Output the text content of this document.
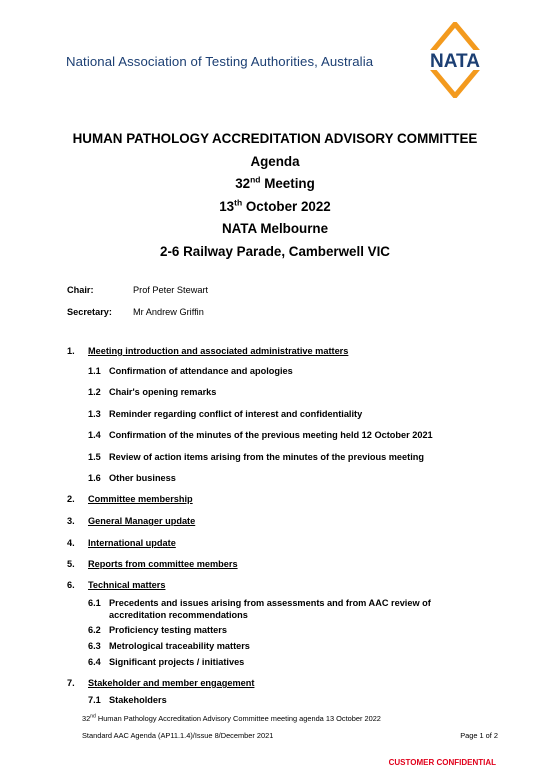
National Association of Testing Authorities, Australia	NATA
HUMAN PATHOLOGY ACCREDITATION ADVISORY COMMITTEE
Agenda
32nd Meeting
13th October 2022
NATA Melbourne
2-6 Railway Parade, Camberwell VIC
Chair:	Prof Peter Stewart
Secretary: Mr Andrew Griffin
1. Meeting introduction and associated administrative matters
1.1 Confirmation of attendance and apologies
1.2 Chair's opening remarks
1.3 Reminder regarding conflict of interest and confidentiality
1.4 Confirmation of the minutes of the previous meeting held 12 October 2021
1.5 Review of action items arising from the minutes of the previous meeting
1.6 Other business
2. Committee membership
3. General Manager update
4. International update
5. Reports from committee members
6. Technical matters
6.1 Precedents and issues arising from assessments and from AAC review of
accreditation recommendations
6.2 Proficiency testing matters
6.3 Metrological traceability matters
6.4 Significant projects / initiatives
7. Stakeholder and member engagement
7.1 Stakeholders
32nd Human Pathology Accreditation Advisory Committee meeting agenda 13 October 2022
Standard AAC Agenda (AP11.1.4)/Issue 8/December 2021	Page 1 of 2
CUSTOMER CONFIDENTIAL
